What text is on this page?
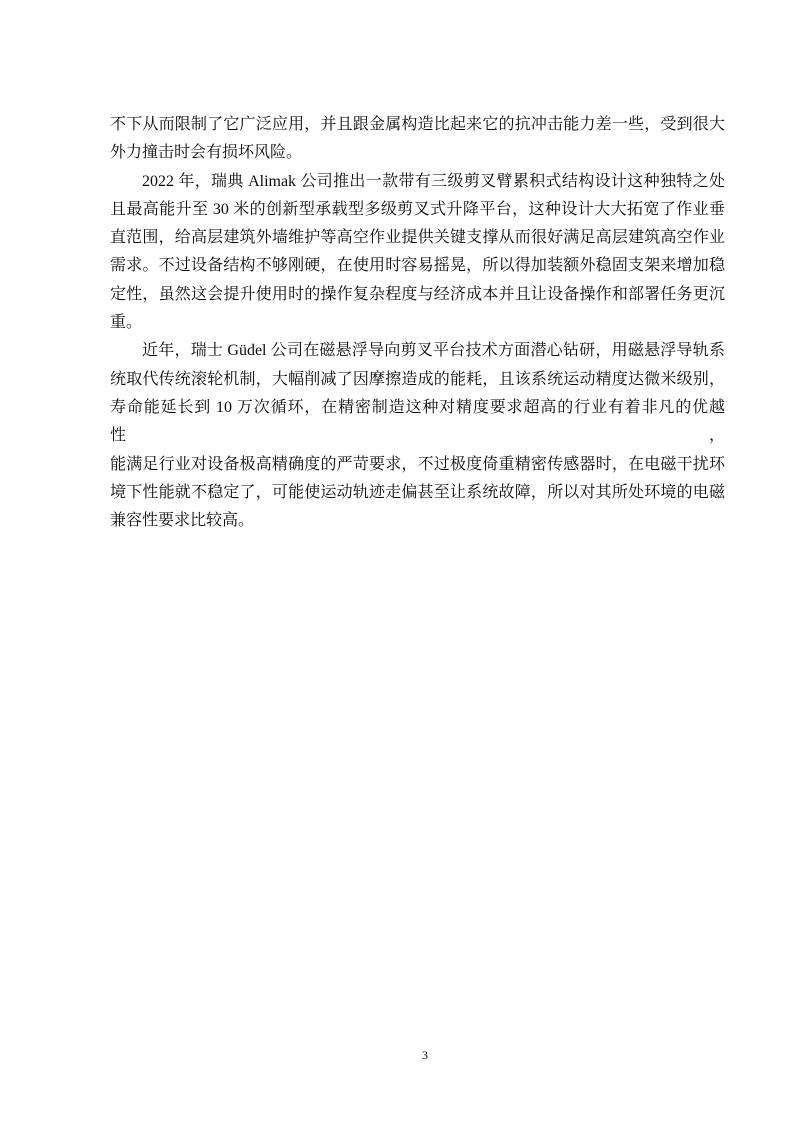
不下从而限制了它广泛应用，并且跟金属构造比起来它的抗冲击能力差一些，受到很大
外力撞击时会有损坏风险。
2022 年，瑞典 Alimak 公司推出一款带有三级剪叉臂累积式结构设计这种独特之处
且最高能升至 30 米的创新型承载型多级剪叉式升降平台，这种设计大大拓宽了作业垂
直范围，给高层建筑外墙维护等高空作业提供关键支撑从而很好满足高层建筑高空作业
需求。不过设备结构不够刚硬，在使用时容易摇晃，所以得加装额外稳固支架来增加稳
定性，虽然这会提升使用时的操作复杂程度与经济成本并且让设备操作和部署任务更沉
重。
近年，瑞士 Güdel 公司在磁悬浮导向剪叉平台技术方面潜心钻研，用磁悬浮导轨系
统取代传统滚轮机制，大幅削减了因摩擦造成的能耗，且该系统运动精度达微米级别，
寿命能延长到 10 万次循环，在精密制造这种对精度要求超高的行业有着非凡的优越性，
能满足行业对设备极高精确度的严苛要求，不过极度倚重精密传感器时，在电磁干扰环
境下性能就不稳定了，可能使运动轨迹走偏甚至让系统故障，所以对其所处环境的电磁
兼容性要求比较高。
3
